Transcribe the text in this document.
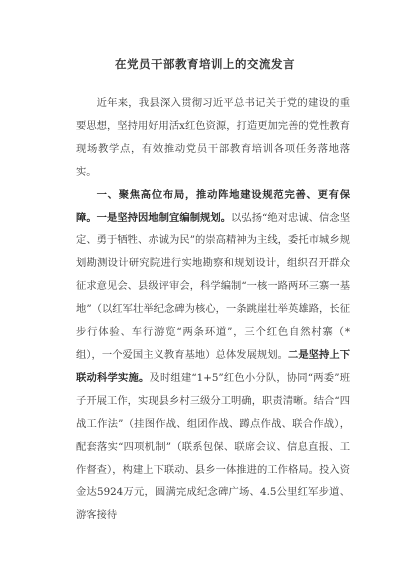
在党员干部教育培训上的交流发言

近年来，我县深入贯彻习近平总书记关于党的建设的重要思想，坚持用好用活x红色资源，打造更加完善的党性教育现场教学点，有效推动党员干部教育培训各项任务落地落实。

一、聚焦高位布局，推动阵地建设规范完善、更有保障。一是坚持因地制宜编制规划。以弘扬“绝对忠诚、信念坚定、勇于牺牲、赤诚为民”的崇高精神为主线，委托市城乡规划勘测设计研究院进行实地勘察和规划设计，组织召开群众征求意见会、县级评审会，科学编制“一核一路两环三寨一基地”（以红军壮举纪念碑为核心，一条跳崖壮举英雄路，长征步行体验、车行游览“两条环道”，三个红色自然村寨（*组），一个爱国主义教育基地）总体发展规划。二是坚持上下联动科学实施。及时组建“1+5”红色小分队，协同“两委”班子开展工作，实现县乡村三级分工明确，职责清晰。结合“四战工作法”（挂图作战、组团作战、蹲点作战、联合作战），配套落实“四项机制”（联系包保、联席会议、信息直报、工作督查），构建上下联动、县乡一体推进的工作格局。投入资金达5924万元，圆满完成纪念碑广场、4.5公里红军步道、游客接待
